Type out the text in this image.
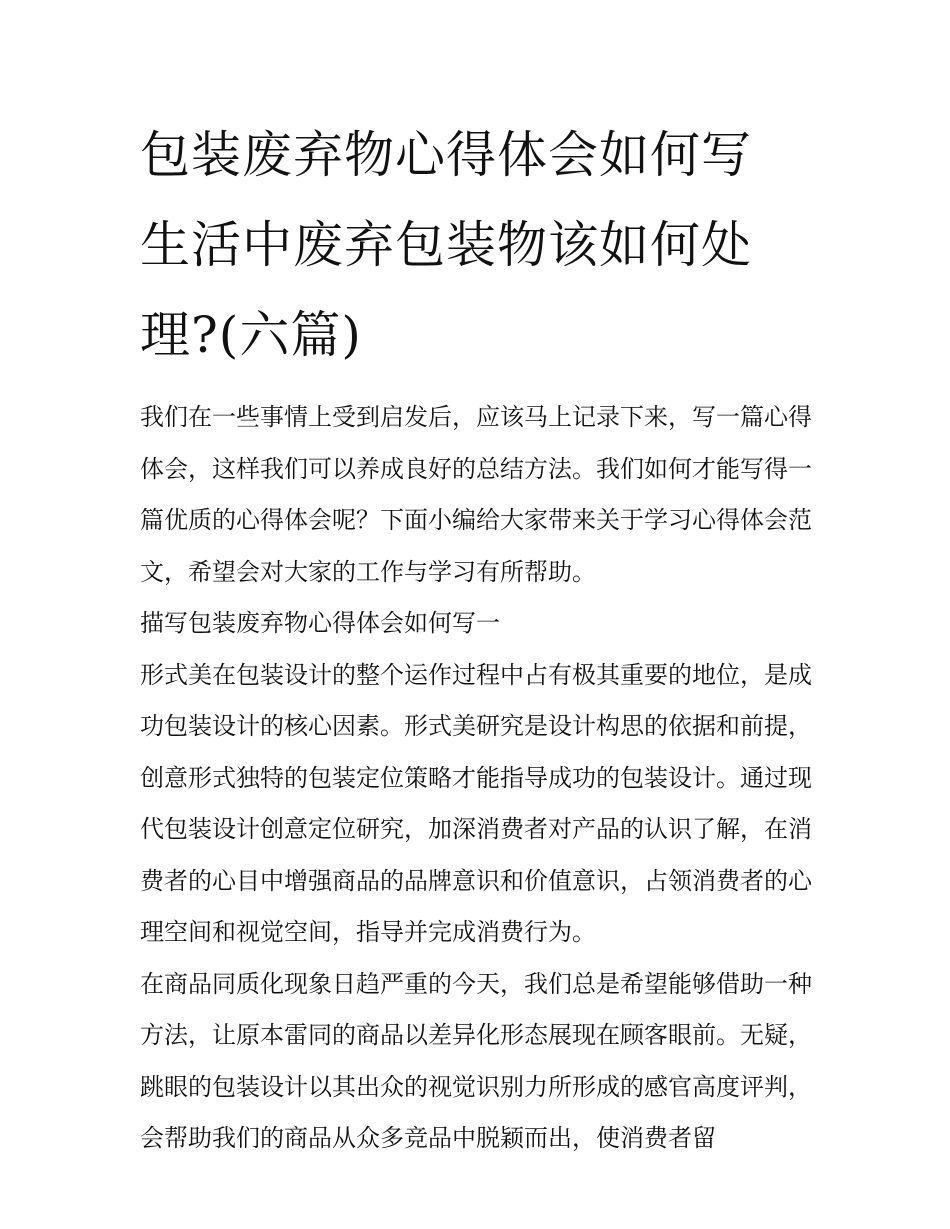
包装废弃物心得体会如何写 生活中废弃包装物该如何处理?(六篇)

我们在一些事情上受到启发后，应该马上记录下来，写一篇心得体会，这样我们可以养成良好的总结方法。我们如何才能写得一篇优质的心得体会呢？下面小编给大家带来关于学习心得体会范文，希望会对大家的工作与学习有所帮助。

描写包装废弃物心得体会如何写一

形式美在包装设计的整个运作过程中占有极其重要的地位，是成功包装设计的核心因素。形式美研究是设计构思的依据和前提，创意形式独特的包装定位策略才能指导成功的包装设计。通过现代包装设计创意定位研究，加深消费者对产品的认识了解，在消费者的心目中增强商品的品牌意识和价值意识，占领消费者的心理空间和视觉空间，指导并完成消费行为。

在商品同质化现象日趋严重的今天，我们总是希望能够借助一种方法，让原本雷同的商品以差异化形态展现在顾客眼前。无疑，跳眼的包装设计以其出众的视觉识别力所形成的感官高度评判，会帮助我们的商品从众多竞品中脱颖而出，使消费者留
